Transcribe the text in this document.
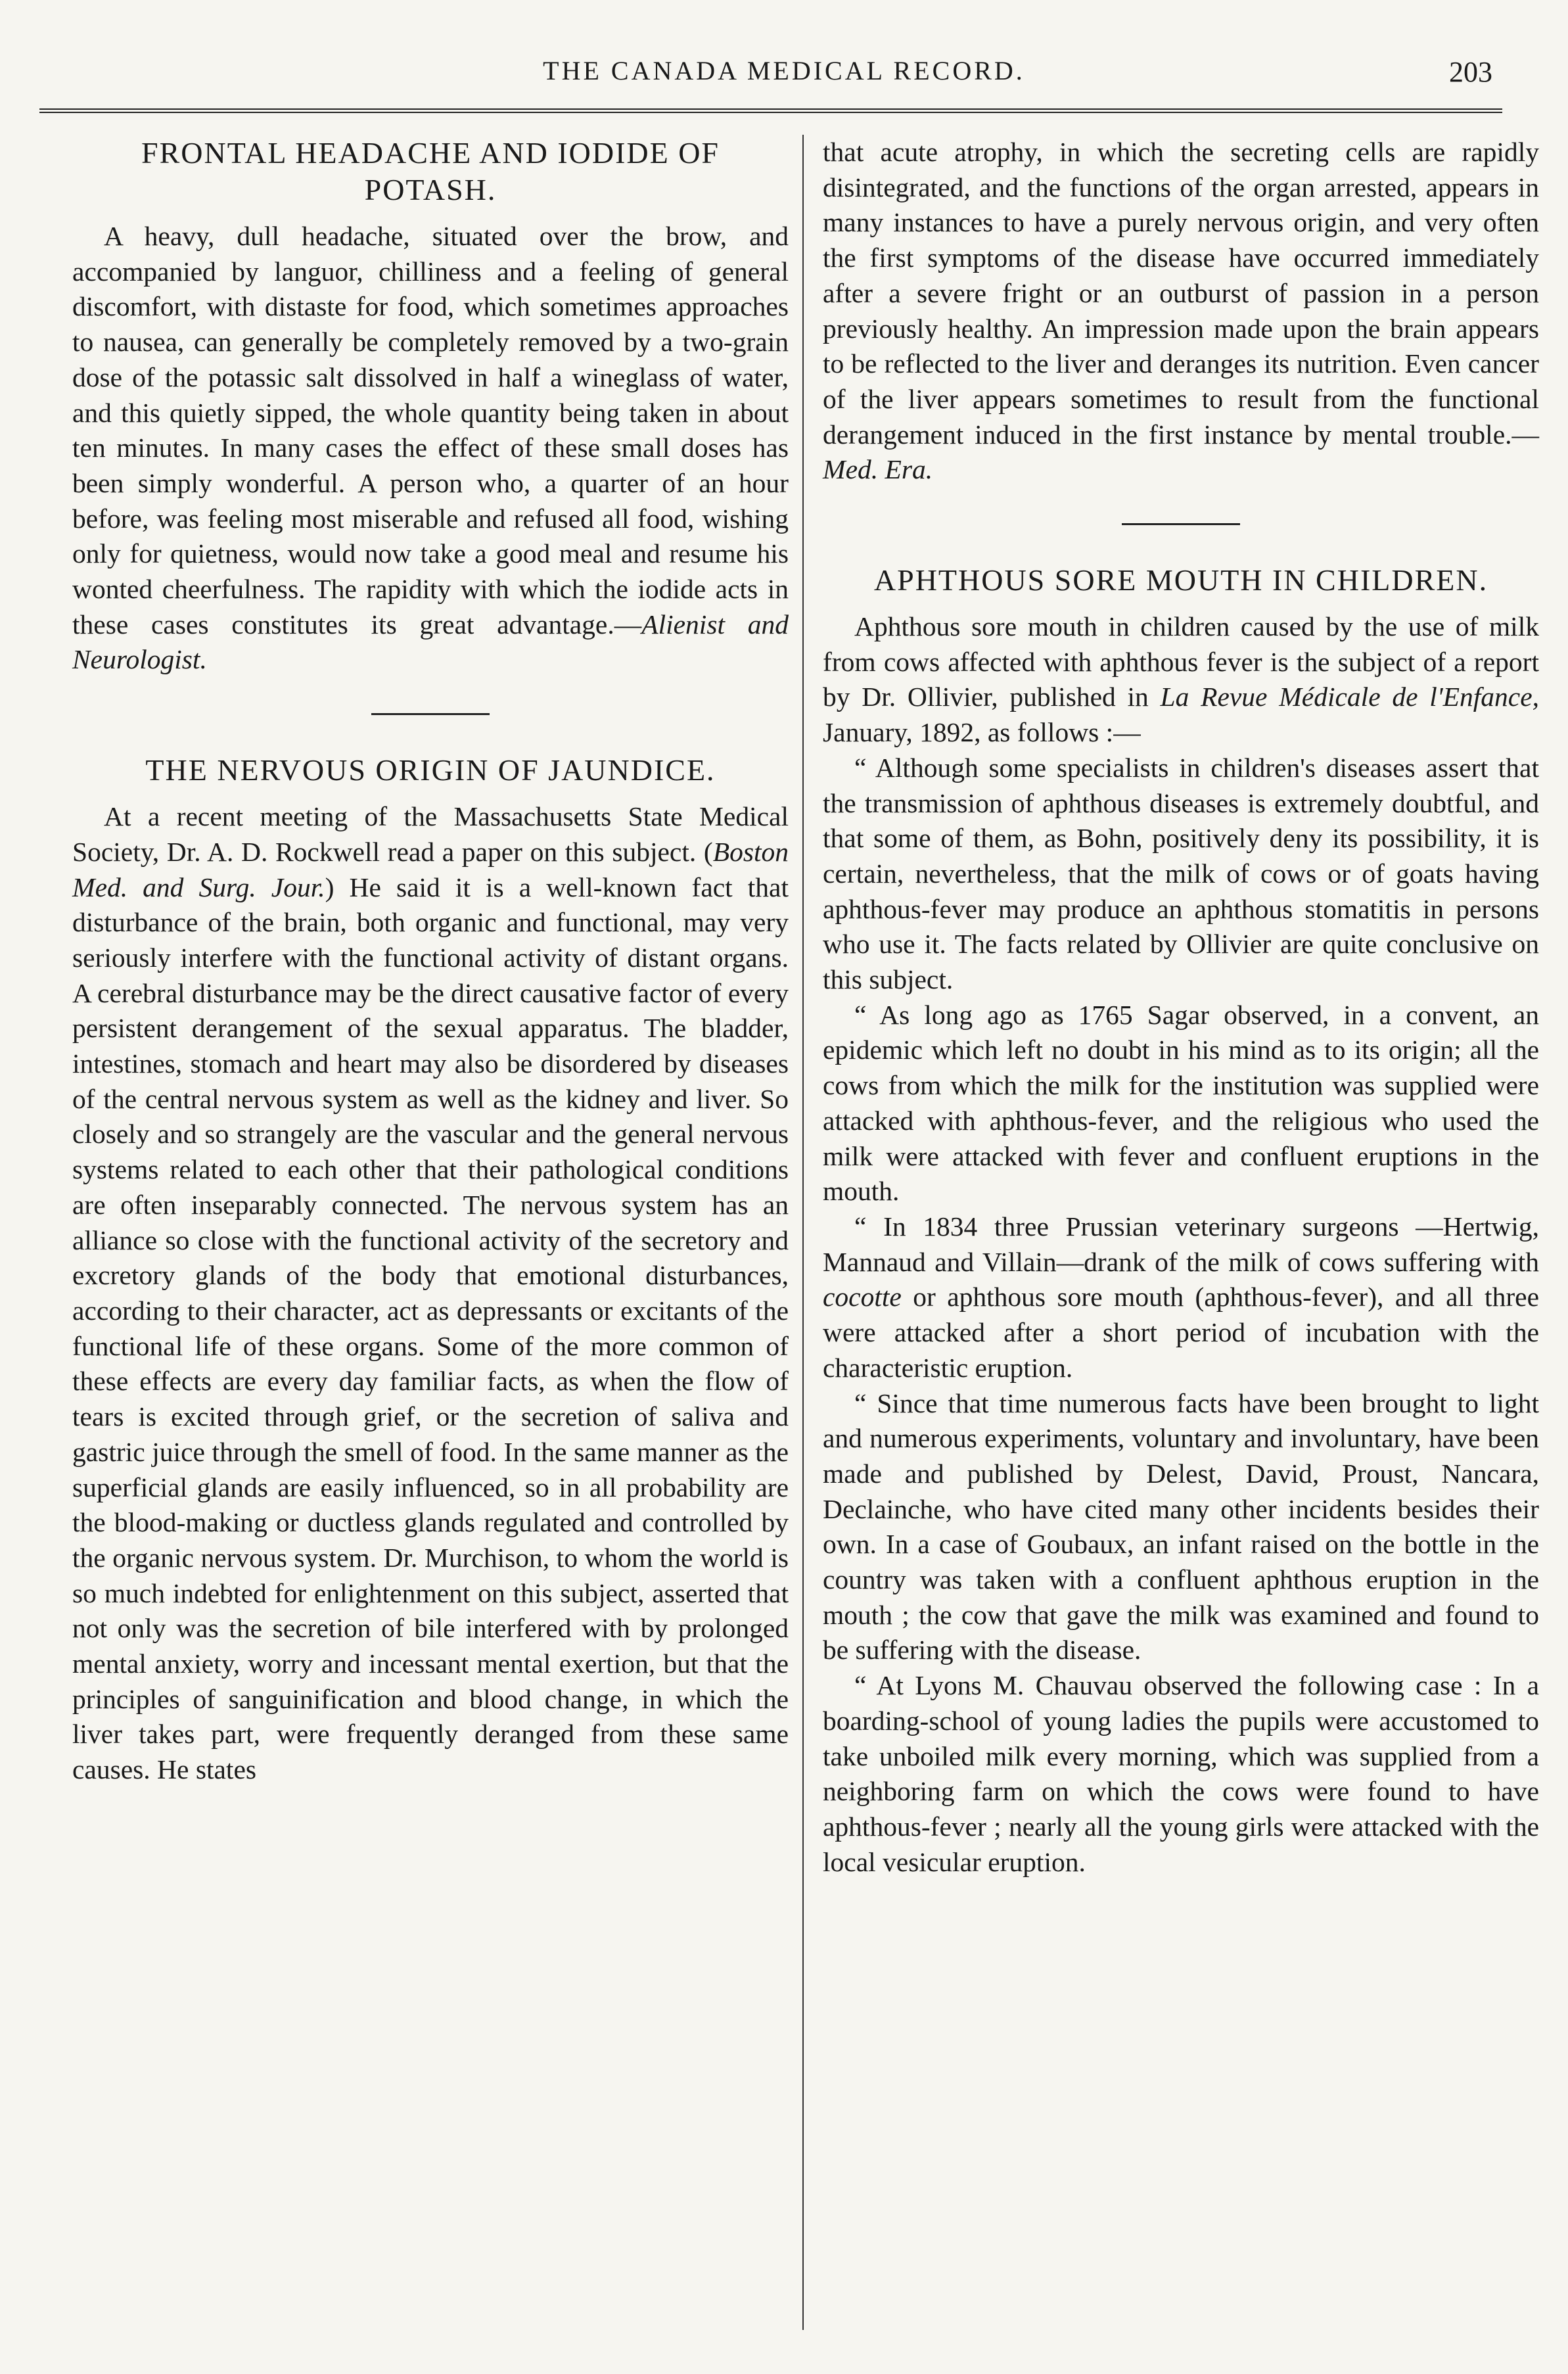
THE CANADA MEDICAL RECORD.	203
FRONTAL HEADACHE AND IODIDE OF POTASH.

A heavy, dull headache, situated over the brow, and accompanied by languor, chilliness and a feeling of general discomfort, with distaste for food, which sometimes approaches to nausea, can generally be completely removed by a two-grain dose of the potassic salt dissolved in half a wineglass of water, and this quietly sipped, the whole quantity being taken in about ten minutes. In many cases the effect of these small doses has been simply wonderful. A person who, a quarter of an hour before, was feeling most miserable and refused all food, wishing only for quietness, would now take a good meal and resume his wonted cheerfulness. The rapidity with which the iodide acts in these cases constitutes its great advantage.—Alienist and Neurologist.

THE NERVOUS ORIGIN OF JAUNDICE.

At a recent meeting of the Massachusetts State Medical Society, Dr. A. D. Rockwell read a paper on this subject. (Boston Med. and Surg. Jour.) He said it is a well-known fact that disturbance of the brain, both organic and functional, may very seriously interfere with the functional activity of distant organs. A cerebral disturbance may be the direct causative factor of every persistent derangement of the sexual apparatus. The bladder, intestines, stomach and heart may also be disordered by diseases of the central nervous system as well as the kidney and liver. So closely and so strangely are the vascular and the general nervous systems related to each other that their pathological conditions are often inseparably connected. The nervous system has an alliance so close with the functional activity of the secretory and excretory glands of the body that emotional disturbances, according to their character, act as depressants or excitants of the functional life of these organs. Some of the more common of these effects are every day familiar facts, as when the flow of tears is excited through grief, or the secretion of saliva and gastric juice through the smell of food. In the same manner as the superficial glands are easily influenced, so in all probability are the blood-making or ductless glands regulated and controlled by the organic nervous system. Dr. Murchison, to whom the world is so much indebted for enlightenment on this subject, asserted that not only was the secretion of bile interfered with by prolonged mental anxiety, worry and incessant mental exertion, but that the principles of sanguinification and blood change, in which the liver takes part, were frequently deranged from these same causes. He states

that acute atrophy, in which the secreting cells are rapidly disintegrated, and the functions of the organ arrested, appears in many instances to have a purely nervous origin, and very often the first symptoms of the disease have occurred immediately after a severe fright or an outburst of passion in a person previously healthy. An impression made upon the brain appears to be reflected to the liver and deranges its nutrition. Even cancer of the liver appears sometimes to result from the functional derangement induced in the first instance by mental trouble.—Med. Era.

APHTHOUS SORE MOUTH IN CHILDREN.

Aphthous sore mouth in children caused by the use of milk from cows affected with aphthous fever is the subject of a report by Dr. Ollivier, published in La Revue Médicale de l'Enfance, January, 1892, as follows :—

“ Although some specialists in children's diseases assert that the transmission of aphthous diseases is extremely doubtful, and that some of them, as Bohn, positively deny its possibility, it is certain, nevertheless, that the milk of cows or of goats having aphthous-fever may produce an aphthous stomatitis in persons who use it. The facts related by Ollivier are quite conclusive on this subject.

“ As long ago as 1765 Sagar observed, in a convent, an epidemic which left no doubt in his mind as to its origin; all the cows from which the milk for the institution was supplied were attacked with aphthous-fever, and the religious who used the milk were attacked with fever and confluent eruptions in the mouth.

“ In 1834 three Prussian veterinary surgeons —Hertwig, Mannaud and Villain—drank of the milk of cows suffering with cocotte or aphthous sore mouth (aphthous-fever), and all three were attacked after a short period of incubation with the characteristic eruption.

“ Since that time numerous facts have been brought to light and numerous experiments, voluntary and involuntary, have been made and published by Delest, David, Proust, Nancara, Declainche, who have cited many other incidents besides their own. In a case of Goubaux, an infant raised on the bottle in the country was taken with a confluent aphthous eruption in the mouth ; the cow that gave the milk was examined and found to be suffering with the disease.

“ At Lyons M. Chauvau observed the following case : In a boarding-school of young ladies the pupils were accustomed to take unboiled milk every morning, which was supplied from a neighboring farm on which the cows were found to have aphthous-fever ; nearly all the young girls were attacked with the local vesicular eruption.
